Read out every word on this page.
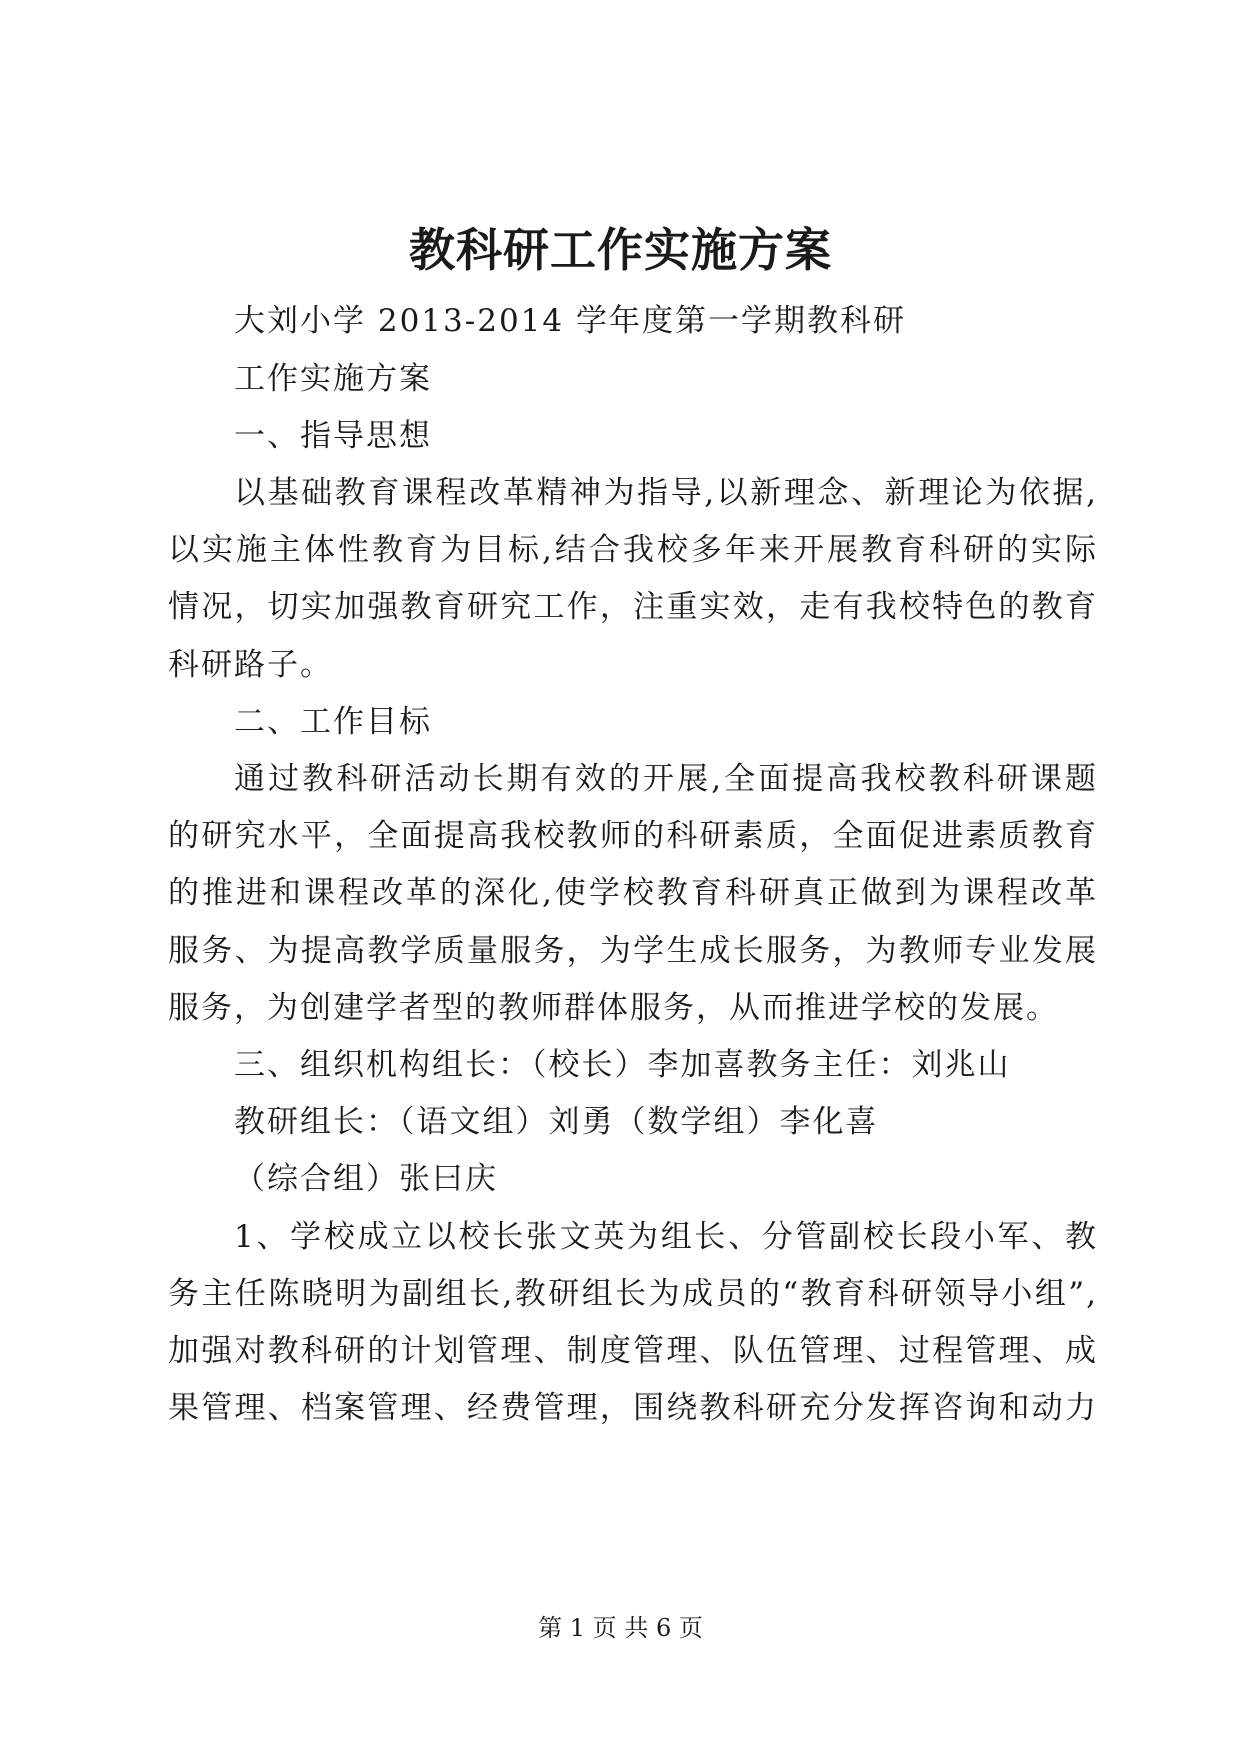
教科研工作实施方案
大刘小学 2013-2014 学年度第一学期教科研
工作实施方案
一、指导思想
以基础教育课程改革精神为指导,以新理念、新理论为依据,
以实施主体性教育为目标,结合我校多年来开展教育科研的实际
情况，切实加强教育研究工作，注重实效，走有我校特色的教育
科研路子。
二、工作目标
通过教科研活动长期有效的开展,全面提高我校教科研课题
的研究水平，全面提高我校教师的科研素质，全面促进素质教育
的推进和课程改革的深化,使学校教育科研真正做到为课程改革
服务、为提高教学质量服务，为学生成长服务，为教师专业发展
服务，为创建学者型的教师群体服务，从而推进学校的发展。
三、组织机构组长：（校长）李加喜教务主任：刘兆山
教研组长：（语文组）刘勇（数学组）李化喜
（综合组）张曰庆
1、学校成立以校长张文英为组长、分管副校长段小军、教
务主任陈晓明为副组长,教研组长为成员的“教育科研领导小组”,
加强对教科研的计划管理、制度管理、队伍管理、过程管理、成
果管理、档案管理、经费管理，围绕教科研充分发挥咨询和动力
第 1 页 共 6 页
